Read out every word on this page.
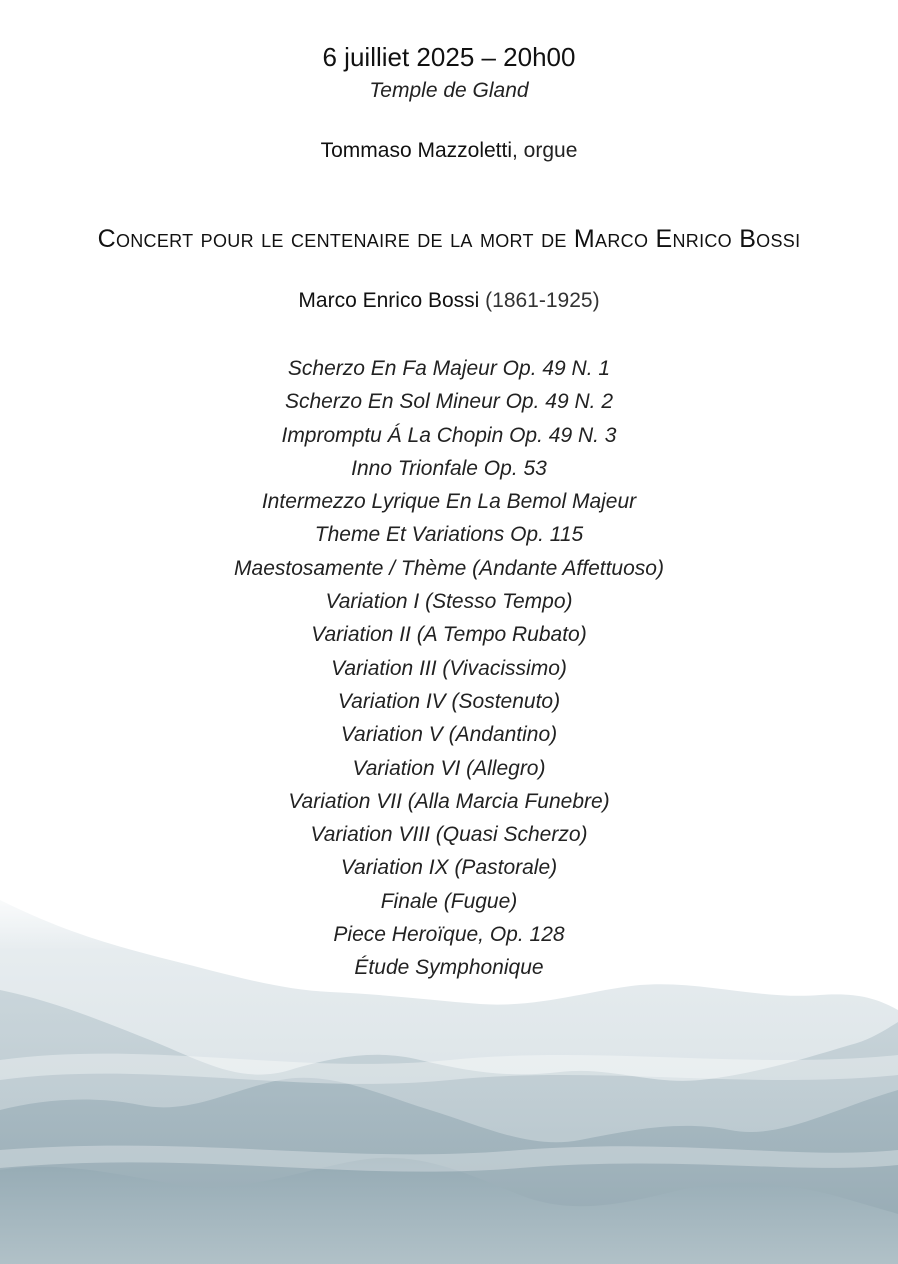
6 juilliet 2025 – 20h00
Temple de Gland
Tommaso Mazzoletti, orgue
Concert pour le centenaire de la mort de Marco Enrico Bossi
Marco Enrico Bossi (1861-1925)
Scherzo En Fa Majeur Op. 49 N. 1
Scherzo En Sol Mineur Op. 49 N. 2
Impromptu Á La Chopin Op. 49 N. 3
Inno Trionfale Op. 53
Intermezzo Lyrique En La Bemol Majeur
Theme Et Variations Op. 115
Maestosamente / Thème (Andante Affettuoso)
Variation I (Stesso Tempo)
Variation II (A Tempo Rubato)
Variation III (Vivacissimo)
Variation IV (Sostenuto)
Variation V (Andantino)
Variation VI (Allegro)
Variation VII (Alla Marcia Funebre)
Variation VIII (Quasi Scherzo)
Variation IX (Pastorale)
Finale (Fugue)
Piece Heroïque, Op. 128
Étude Symphonique
